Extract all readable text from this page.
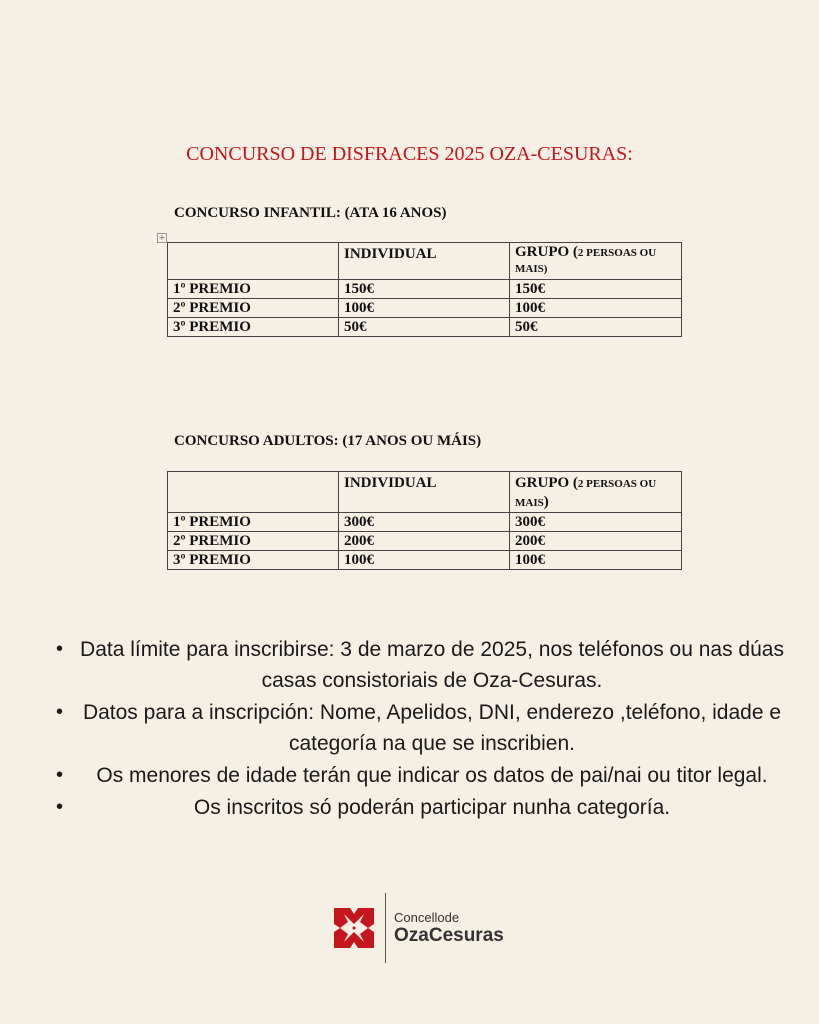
CONCURSO DE DISFRACES 2025 OZA-CESURAS:
CONCURSO INFANTIL: (ATA 16 ANOS)
+
	INDIVIDUAL	GRUPO (2 PERSOAS OU MAIS)
1º PREMIO	150€	150€
2º PREMIO	100€	100€
3º PREMIO	50€	50€
CONCURSO ADULTOS: (17 ANOS OU MÁIS)
	INDIVIDUAL	GRUPO (2 PERSOAS OU MAIS)
1º PREMIO	300€	300€
2º PREMIO	200€	200€
3º PREMIO	100€	100€
• Data límite para inscribirse: 3 de marzo de 2025, nos teléfonos ou nas dúas casas consistoriais de Oza-Cesuras.
• Datos para a inscripción: Nome, Apelidos, DNI, enderezo ,teléfono, idade e categoría na que se inscribien.
• Os menores de idade terán que indicar os datos de pai/nai ou titor legal.
•	Os inscritos só poderán participar nunha categoría.
Concellode
OzaCesuras
